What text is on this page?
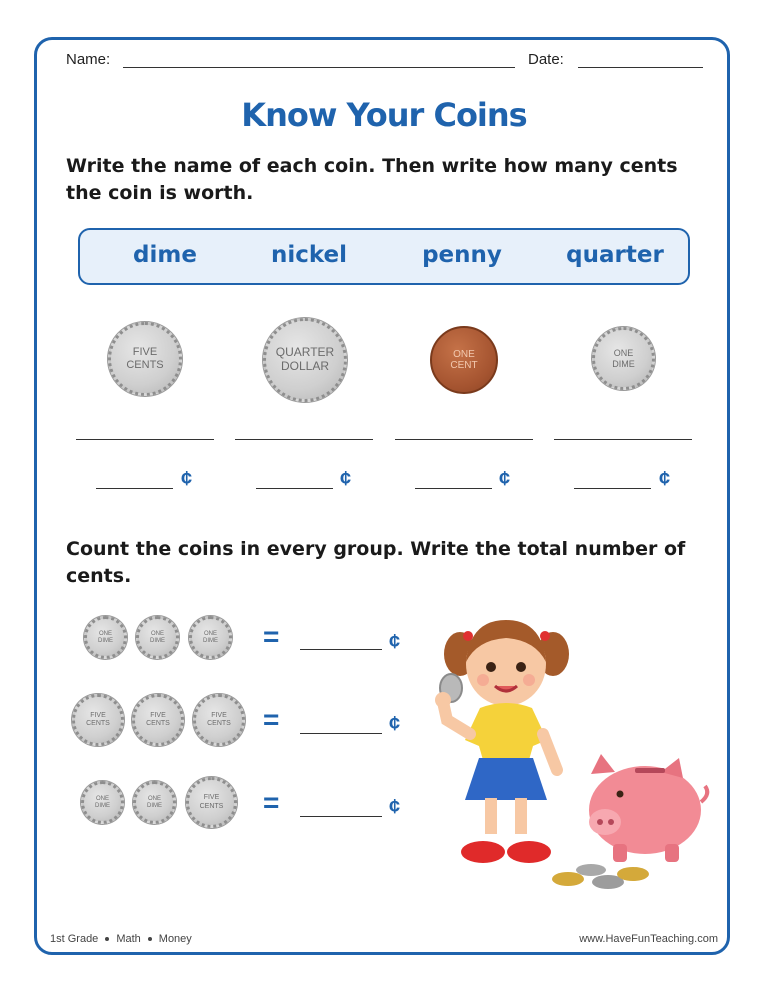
Name:	Date:
Know Your Coins
Write the name of each coin. Then write how many cents
the coin is worth.
dime	nickel	penny	quarter
FIVE
CENTS
QUARTER
DOLLAR
ONE
CENT
ONE
DIME
¢	¢	¢	¢
Count the coins in every group. Write the total number of
cents.
ONE
DIME
ONE
DIME
ONE
DIME =	¢
FIVE
CENTS
FIVE
CENTS
FIVE
CENTS =	¢
ONE
DIME
ONE
DIME
FIVE
CENTS =	¢
1st Grade Math Money	www.HaveFunTeaching.com
